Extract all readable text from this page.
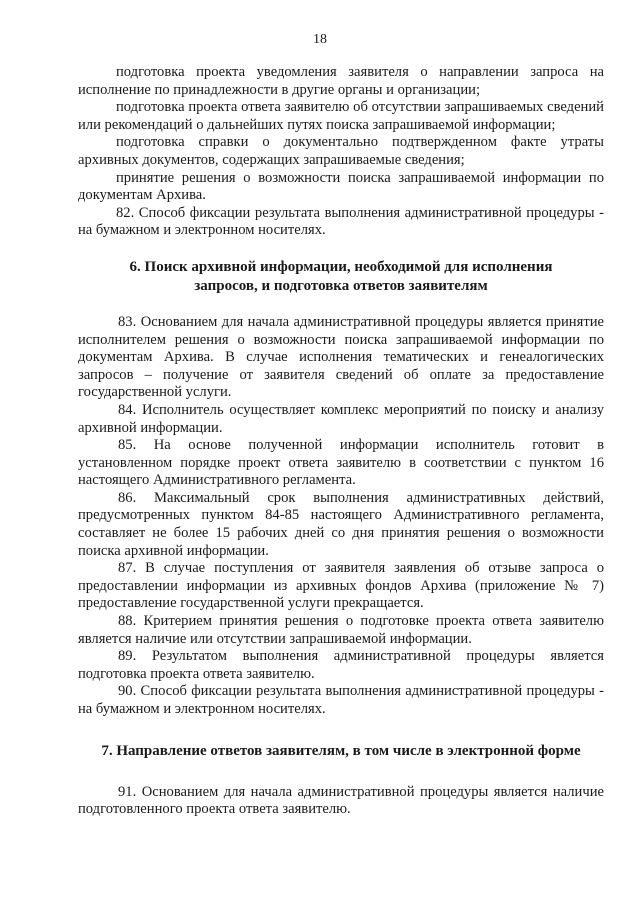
18

подготовка проекта уведомления заявителя о направлении запроса на исполнение по принадлежности в другие органы и организации;

подготовка проекта ответа заявителю об отсутствии запрашиваемых сведений или рекомендаций о дальнейших путях поиска запрашиваемой информации;

подготовка справки о документально подтвержденном факте утраты архивных документов, содержащих запрашиваемые сведения;

принятие решения о возможности поиска запрашиваемой информации по документам Архива.

82. Способ фиксации результата выполнения административной процедуры - на бумажном и электронном носителях.

6. Поиск архивной информации, необходимой для исполнения

запросов, и подготовка ответов заявителям

83. Основанием для начала административной процедуры является принятие исполнителем решения о возможности поиска запрашиваемой информации по документам Архива. В случае исполнения тематических и генеалогических запросов – получение от заявителя сведений об оплате за предоставление государственной услуги.

84. Исполнитель осуществляет комплекс мероприятий по поиску и анализу архивной информации.

85. На основе полученной информации исполнитель готовит в установленном порядке проект ответа заявителю в соответствии с пунктом 16 настоящего Административного регламента.

86. Максимальный срок выполнения административных действий, предусмотренных пунктом 84-85 настоящего Административного регламента, составляет не более 15 рабочих дней со дня принятия решения о возможности поиска архивной информации.

87. В случае поступления от заявителя заявления об отзыве запроса о предоставлении информации из архивных фондов Архива (приложение № 7) предоставление государственной услуги прекращается.

88. Критерием принятия решения о подготовке проекта ответа заявителю является наличие или отсутствии запрашиваемой информации.

89. Результатом выполнения административной процедуры является подготовка проекта ответа заявителю.

90. Способ фиксации результата выполнения административной процедуры - на бумажном и электронном носителях.

7. Направление ответов заявителям, в том числе в электронной форме

91. Основанием для начала административной процедуры является наличие подготовленного проекта ответа заявителю.
